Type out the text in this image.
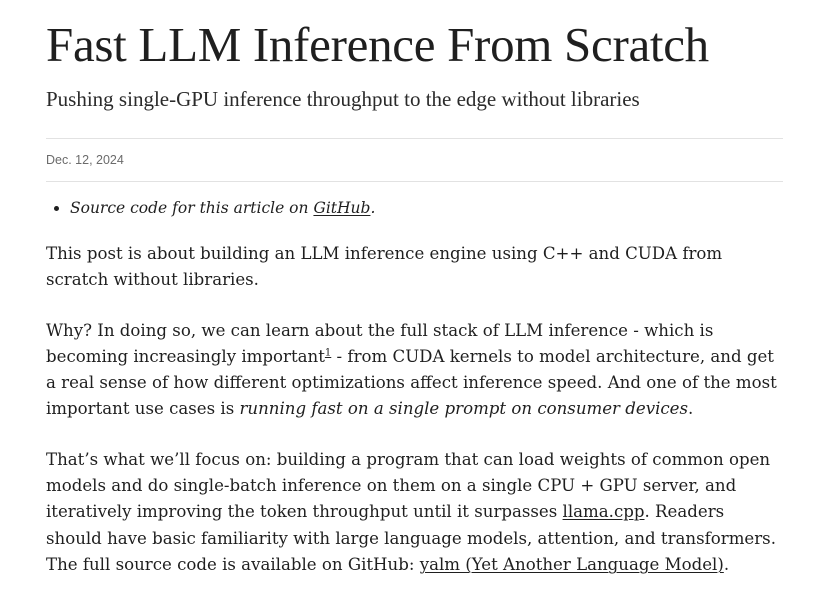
Fast LLM Inference From Scratch
Pushing single-GPU inference throughput to the edge without libraries
Dec. 12, 2024
• Source code for this article on GitHub.

This post is about building an LLM inference engine using C++ and CUDA from scratch without libraries.

Why? In doing so, we can learn about the full stack of LLM inference - which is becoming increasingly important$^1$ - from CUDA kernels to model architecture, and get a real sense of how different optimizations affect inference speed. And one of the most important use cases is running fast on a single prompt on consumer devices.

That’s what we’ll focus on: building a program that can load weights of common open models and do single-batch inference on them on a single CPU + GPU server, and iteratively improving the token throughput until it surpasses llama.cpp. Readers should have basic familiarity with large language models, attention, and transformers. The full source code is available on GitHub: yalm (Yet Another Language Model).
